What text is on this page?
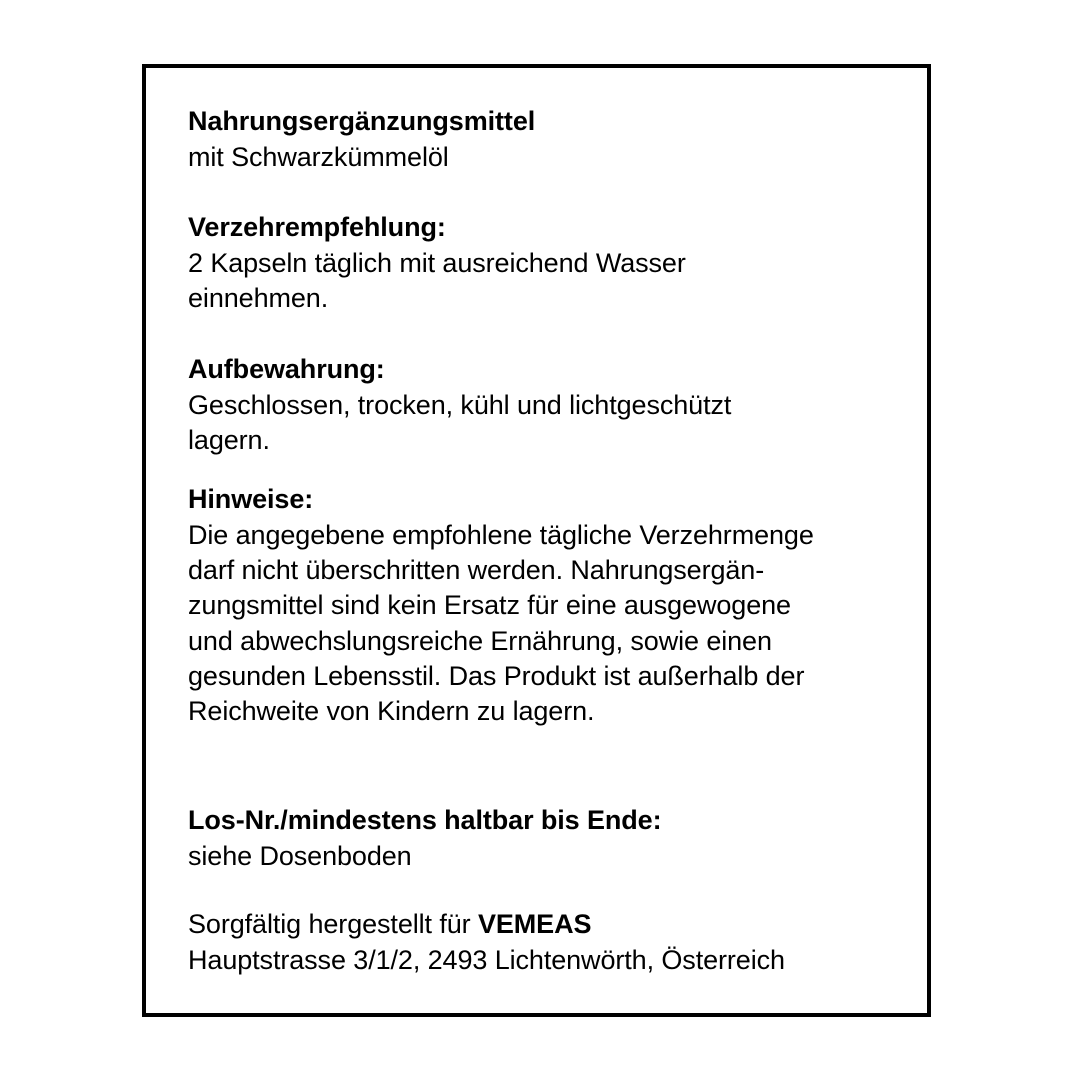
Nahrungsergänzungsmittel

mit Schwarzkümmelöl

Verzehrempfehlung:

2 Kapseln täglich mit ausreichend Wasser

einnehmen.

Aufbewahrung:

Geschlossen, trocken, kühl und lichtgeschützt

lagern.

Hinweise:

Die angegebene empfohlene tägliche Verzehrmenge

darf nicht überschritten werden. Nahrungsergän-

zungsmittel sind kein Ersatz für eine ausgewogene

und abwechslungsreiche Ernährung, sowie einen

gesunden Lebensstil. Das Produkt ist außerhalb der

Reichweite von Kindern zu lagern.

Los-Nr./mindestens haltbar bis Ende:

siehe Dosenboden

Sorgfältig hergestellt für VEMEAS

Hauptstrasse 3/1/2, 2493 Lichtenwörth, Österreich
